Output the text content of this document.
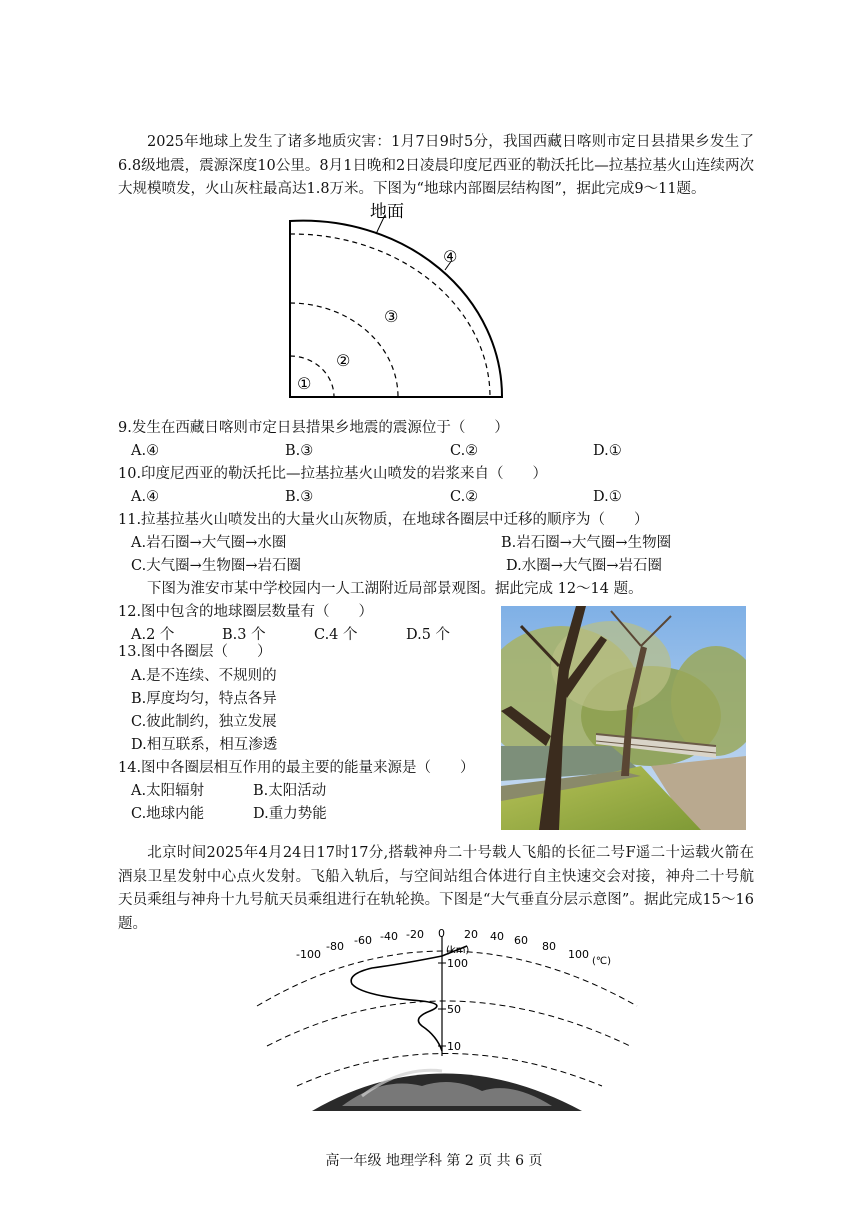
2025年地球上发生了诸多地质灾害：1月7日9时5分，我国西藏日喀则市定日县措果乡发生了6.8级地震，震源深度10公里。8月1日晚和2日凌晨印度尼西亚的勒沃托比—拉基拉基火山连续两次大规模喷发，火山灰柱最高达1.8万米。下图为“地球内部圈层结构图”，据此完成9～11题。
地面
④
③
②
①
9.发生在西藏日喀则市定日县措果乡地震的震源位于（　　）
A.④	B.③	C.②	D.①
10.印度尼西亚的勒沃托比—拉基拉基火山喷发的岩浆来自（　　）
A.④	B.③	C.②	D.①
11.拉基拉基火山喷发出的大量火山灰物质，在地球各圈层中迁移的顺序为（　　）
A.岩石圈→大气圈→水圈	B.岩石圈→大气圈→生物圈
C.大气圈→生物圈→岩石圈	D.水圈→大气圈→岩石圈
下图为淮安市某中学校园内一人工湖附近局部景观图。据此完成 12～14 题。
12.图中包含的地球圈层数量有（　　）
A.2 个	B.3 个	C.4 个	D.5 个
13.图中各圈层（　　）
A.是不连续、不规则的
B.厚度均匀，特点各异
C.彼此制约，独立发展
D.相互联系，相互渗透
14.图中各圈层相互作用的最主要的能量来源是（　　）
A.太阳辐射	B.太阳活动
C.地球内能	D.重力势能
北京时间2025年4月24日17时17分,搭载神舟二十号载人飞船的长征二号F遥二十运载火箭在酒泉卫星发射中心点火发射。飞船入轨后，与空间站组合体进行自主快速交会对接，神舟二十号航天员乘组与神舟十九号航天员乘组进行在轨轮换。下图是“大气垂直分层示意图”。据此完成15～16题。
-100
-80 -60 -40 -20 0 20 40 60 80
100
(℃)
(km)
100
50
10
高一年级 地理学科 第 2 页 共 6 页
